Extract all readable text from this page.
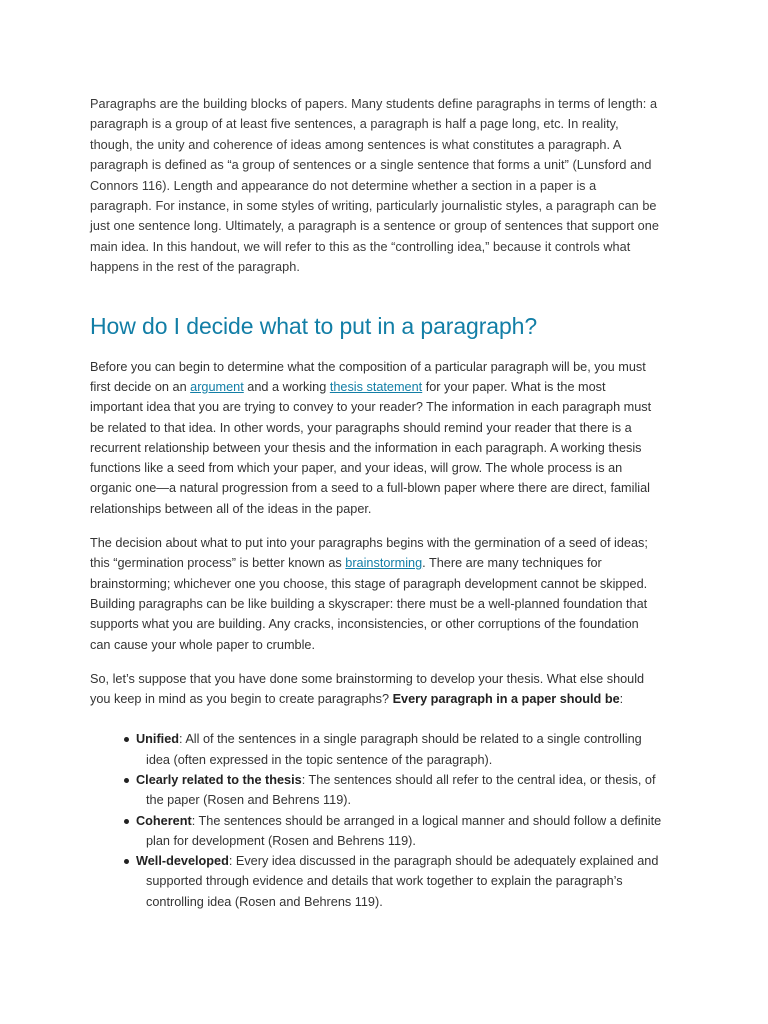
Paragraphs are the building blocks of papers. Many students define paragraphs in terms of length: a
paragraph is a group of at least five sentences, a paragraph is half a page long, etc. In reality,
though, the unity and coherence of ideas among sentences is what constitutes a paragraph. A
paragraph is defined as “a group of sentences or a single sentence that forms a unit” (Lunsford and
Connors 116). Length and appearance do not determine whether a section in a paper is a
paragraph. For instance, in some styles of writing, particularly journalistic styles, a paragraph can be
just one sentence long. Ultimately, a paragraph is a sentence or group of sentences that support one
main idea. In this handout, we will refer to this as the “controlling idea,” because it controls what
happens in the rest of the paragraph.

How do I decide what to put in a paragraph?

Before you can begin to determine what the composition of a particular paragraph will be, you must
first decide on an argument and a working thesis statement for your paper. What is the most
important idea that you are trying to convey to your reader? The information in each paragraph must
be related to that idea. In other words, your paragraphs should remind your reader that there is a
recurrent relationship between your thesis and the information in each paragraph. A working thesis
functions like a seed from which your paper, and your ideas, will grow. The whole process is an
organic one—a natural progression from a seed to a full-blown paper where there are direct, familial
relationships between all of the ideas in the paper.

The decision about what to put into your paragraphs begins with the germination of a seed of ideas;
this “germination process” is better known as brainstorming. There are many techniques for
brainstorming; whichever one you choose, this stage of paragraph development cannot be skipped.
Building paragraphs can be like building a skyscraper: there must be a well-planned foundation that
supports what you are building. Any cracks, inconsistencies, or other corruptions of the foundation
can cause your whole paper to crumble.

So, let’s suppose that you have done some brainstorming to develop your thesis. What else should
you keep in mind as you begin to create paragraphs? Every paragraph in a paper should be:

Unified: All of the sentences in a single paragraph should be related to a single controlling
idea (often expressed in the topic sentence of the paragraph).
Clearly related to the thesis: The sentences should all refer to the central idea, or thesis, of
the paper (Rosen and Behrens 119).
Coherent: The sentences should be arranged in a logical manner and should follow a definite
plan for development (Rosen and Behrens 119).
Well-developed: Every idea discussed in the paragraph should be adequately explained and
supported through evidence and details that work together to explain the paragraph’s
controlling idea (Rosen and Behrens 119).
